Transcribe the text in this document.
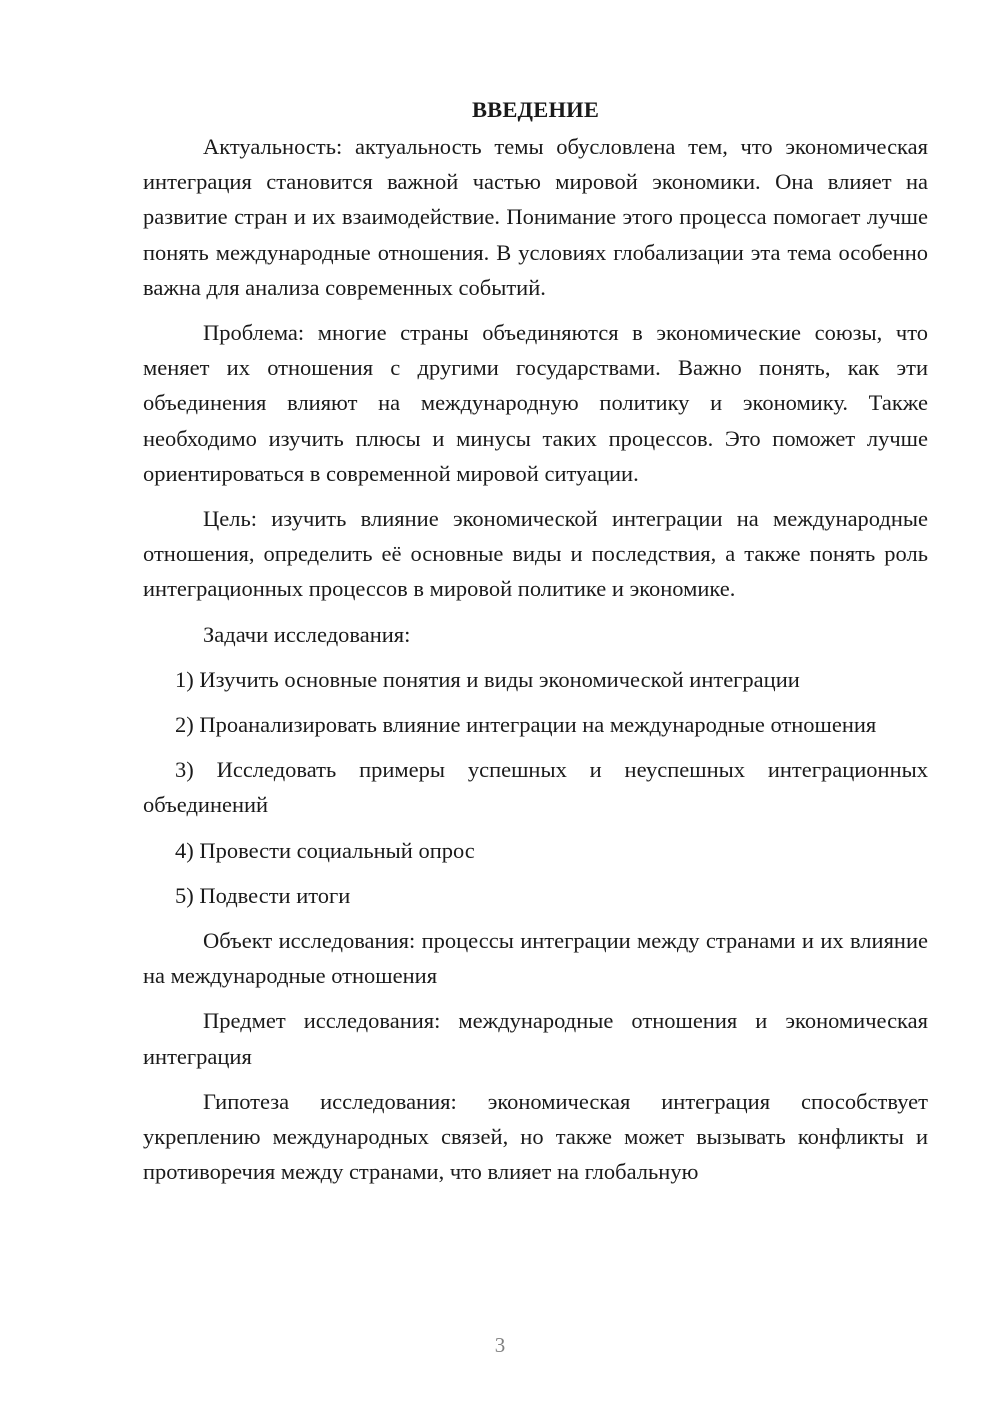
ВВЕДЕНИЕ

Актуальность: актуальность темы обусловлена тем, что экономическая интеграция становится важной частью мировой экономики. Она влияет на развитие стран и их взаимодействие. Понимание этого процесса помогает лучше понять международные отношения. В условиях глобализации эта тема особенно важна для анализа современных событий.

Проблема: многие страны объединяются в экономические союзы, что меняет их отношения с другими государствами. Важно понять, как эти объединения влияют на международную политику и экономику. Также необходимо изучить плюсы и минусы таких процессов. Это поможет лучше ориентироваться в современной мировой ситуации.

Цель: изучить влияние экономической интеграции на международные отношения, определить её основные виды и последствия, а также понять роль интеграционных процессов в мировой политике и экономике.

Задачи исследования:

1) Изучить основные понятия и виды экономической интеграции

2) Проанализировать влияние интеграции на международные отношения

3) Исследовать примеры успешных и неуспешных интеграционных объединений

4) Провести социальный опрос

5) Подвести итоги

Объект исследования: процессы интеграции между странами и их влияние на международные отношения

Предмет исследования: международные отношения и экономическая интеграция

Гипотеза исследования: экономическая интеграция способствует укреплению международных связей, но также может вызывать конфликты и противоречия между странами, что влияет на глобальную

3
